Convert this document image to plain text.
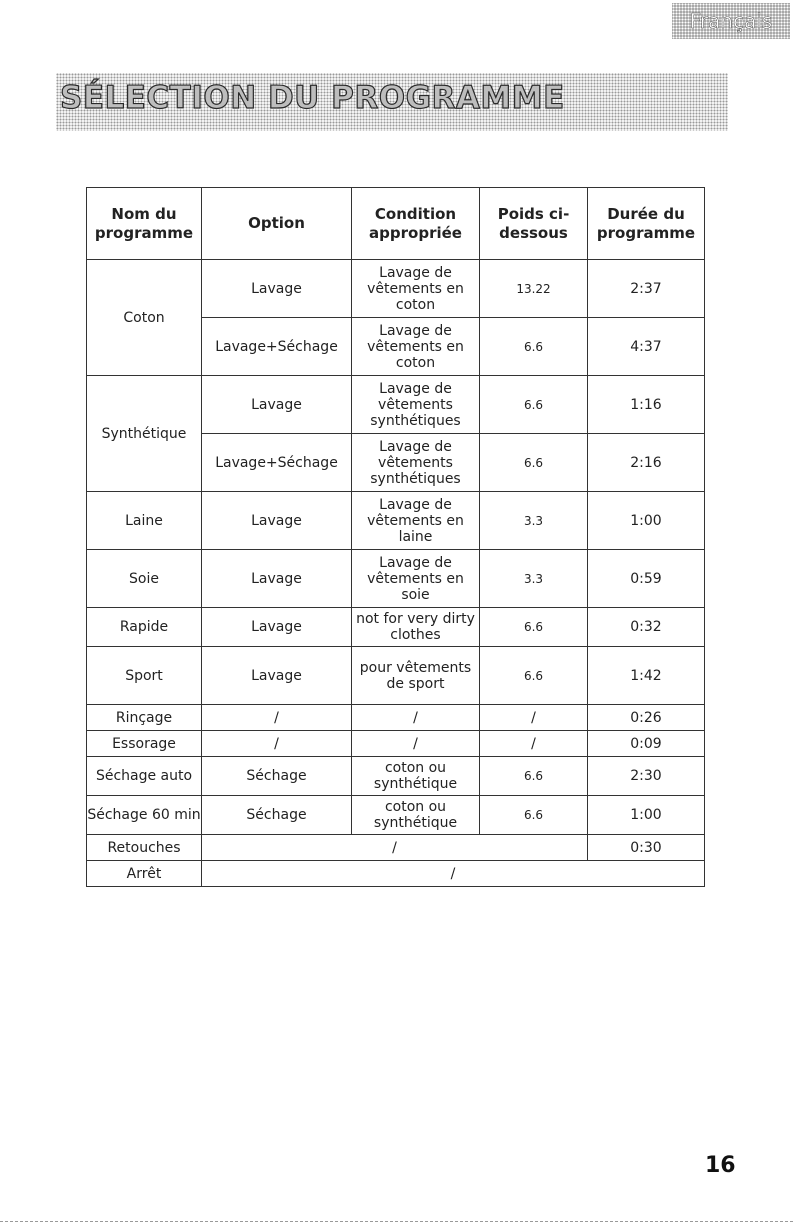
Français
SÉLECTION DU PROGRAMME
Nom du programme	Option	Condition appropriée	Poids ci-dessous	Durée du programme
Coton	Lavage	Lavage de vêtements en coton	13.22	2:37
	Lavage+Séchage	Lavage de vêtements en coton	6.6	4:37
Synthétique	Lavage	Lavage de vêtements synthétiques	6.6	1:16
	Lavage+Séchage	Lavage de vêtements synthétiques	6.6	2:16
Laine	Lavage	Lavage de vêtements en laine	3.3	1:00
Soie	Lavage	Lavage de vêtements en soie	3.3	0:59
Rapide	Lavage	not for very dirty clothes	6.6	0:32
Sport	Lavage	pour vêtements de sport	6.6	1:42
Rinçage	/	/	/	0:26
Essorage	/	/	/	0:09
Séchage auto	Séchage	coton ou synthétique	6.6	2:30
Séchage 60 min	Séchage	coton ou synthétique	6.6	1:00
Retouches	/			0:30
Arrêt	/			
16
